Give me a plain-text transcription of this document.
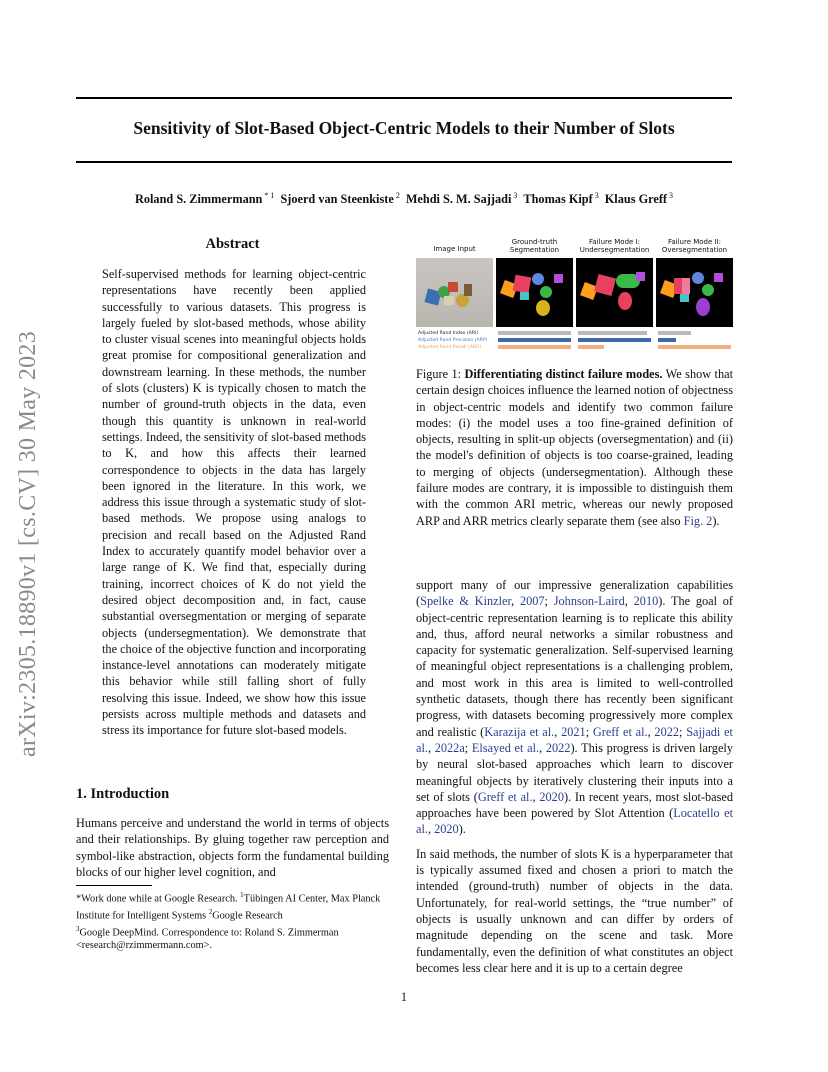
Sensitivity of Slot-Based Object-Centric Models to their Number of Slots
Roland S. Zimmermann $^{* 1}$ Sjoerd van Steenkiste $^2$ Mehdi S. M. Sajjadi $^3$ Thomas Kipf $^3$ Klaus Greff $^3$
arXiv:2305.18890v1 [cs.CV] 30 May 2023
Abstract

Self-supervised methods for learning object-centric representations have recently been applied successfully to various datasets. This progress is largely fueled by slot-based methods, whose ability to cluster visual scenes into meaningful objects holds great promise for compositional generalization and downstream learning. In these methods, the number of slots (clusters) K is typically chosen to match the number of ground-truth objects in the data, even though this quantity is unknown in real-world settings. Indeed, the sensitivity of slot-based methods to K, and how this affects their learned correspondence to objects in the data has largely been ignored in the literature. In this work, we address this issue through a systematic study of slot-based methods. We propose using analogs to precision and recall based on the Adjusted Rand Index to accurately quantify model behavior over a large range of K. We find that, especially during training, incorrect choices of K do not yield the desired object decomposition and, in fact, cause substantial oversegmentation or merging of separate objects (undersegmentation). We demonstrate that the choice of the objective function and incorporating instance-level annotations can moderately mitigate this behavior while still falling short of fully resolving this issue. Indeed, we show how this issue persists across multiple methods and datasets and stress its importance for future slot-based models.

1. Introduction

Humans perceive and understand the world in terms of objects and their relationships. By gluing together raw perception and symbol-like abstraction, objects form the fundamental building blocks of our higher level cognition, and

*Work done while at Google Research. $^1$Tübingen AI Center, Max Planck Institute for Intelligent Systems $^2$Google Research
$^3$Google DeepMind. Correspondence to: Roland S. Zimmerman <research@rzimmermann.com>.
Image Input
Ground-truth Segmentation
Failure Mode I: Undersegmentation
Failure Mode II: Oversegmentation
Adjusted Rand Index (ARI)
Adjusted Rand Precision (ARP)
Adjusted Rand Recall (ARR)

Figure 1: Differentiating distinct failure modes. We show that certain design choices influence the learned notion of objectness in object-centric models and identify two common failure modes: (i) the model uses a too fine-grained definition of objects, resulting in split-up objects (oversegmentation) and (ii) the model's definition of objects is too coarse-grained, leading to merging of objects (undersegmentation). Although these failure modes are contrary, it is impossible to distinguish them with the common ARI metric, whereas our newly proposed ARP and ARR metrics clearly separate them (see also Fig. 2).

support many of our impressive generalization capabilities (Spelke & Kinzler, 2007; Johnson-Laird, 2010). The goal of object-centric representation learning is to replicate this ability and, thus, afford neural networks a similar robustness and capacity for systematic generalization. Self-supervised learning of meaningful object representations is a challenging problem, and most work in this area is limited to well-controlled synthetic datasets, though there has recently been significant progress, with datasets becoming progressively more complex and realistic (Karazija et al., 2021; Greff et al., 2022; Sajjadi et al., 2022a; Elsayed et al., 2022). This progress is driven largely by neural slot-based approaches which learn to discover meaningful objects by iteratively clustering their inputs into a set of slots (Greff et al., 2020). In recent years, most slot-based approaches have been powered by Slot Attention (Locatello et al., 2020).

In said methods, the number of slots K is a hyperparameter that is typically assumed fixed and chosen a priori to match the intended (ground-truth) number of objects in the data. Unfortunately, for real-world settings, the “true number” of objects is usually unknown and can differ by orders of magnitude depending on the scene and task. More fundamentally, even the definition of what constitutes an object becomes less clear here and it is up to a certain degree

1
